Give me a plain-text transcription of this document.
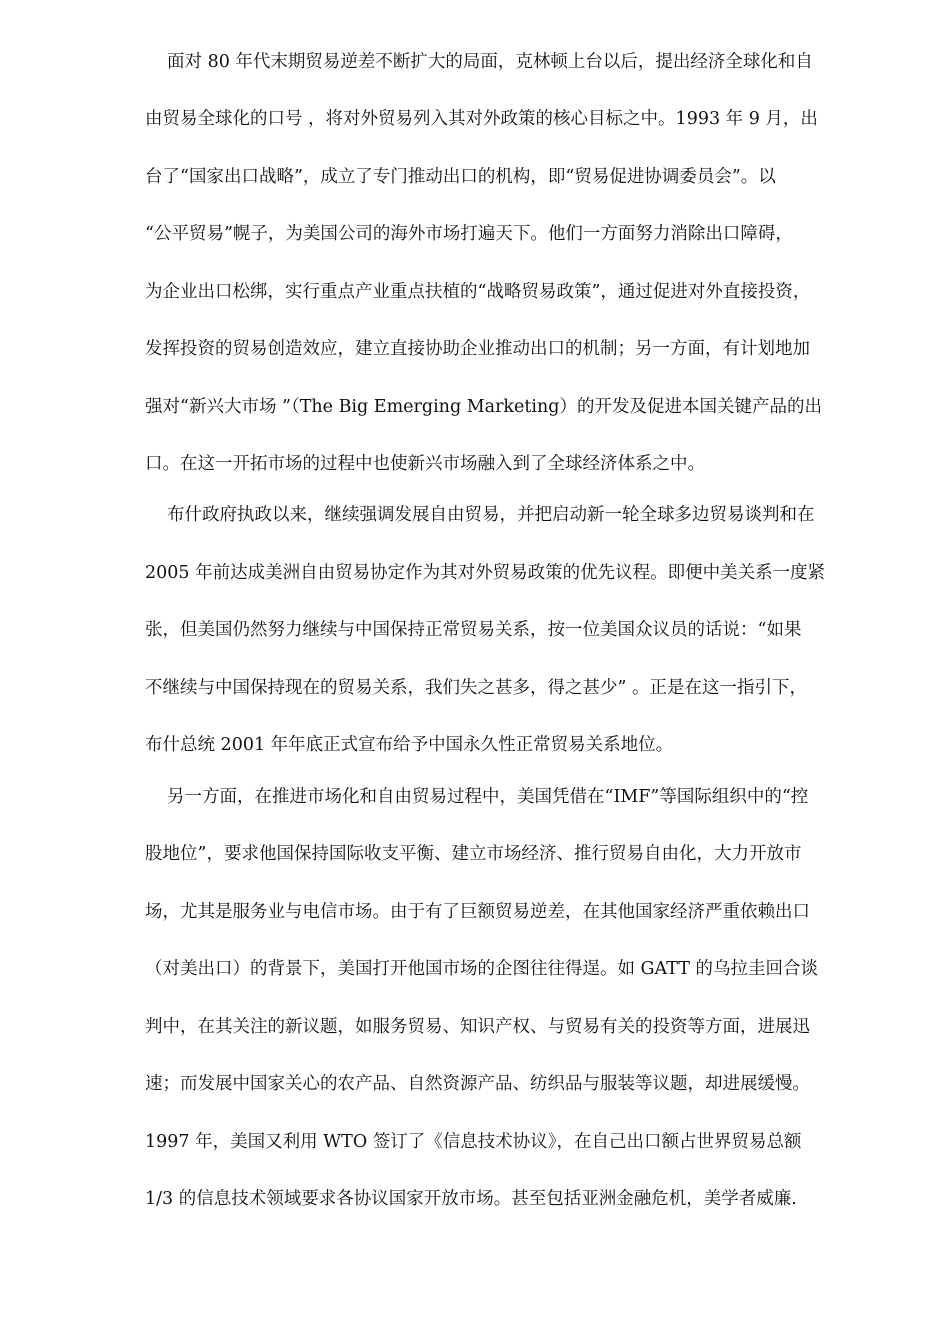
面对 80 年代末期贸易逆差不断扩大的局面，克林顿上台以后，提出经济全球化和自
由贸易全球化的口号 ，将对外贸易列入其对外政策的核心目标之中。1993 年 9 月，出
台了“国家出口战略”，成立了专门推动出口的机构，即“贸易促进协调委员会”。以
“公平贸易”幌子，为美国公司的海外市场打遍天下。他们一方面努力消除出口障碍，
为企业出口松绑，实行重点产业重点扶植的“战略贸易政策”，通过促进对外直接投资，
发挥投资的贸易创造效应，建立直接协助企业推动出口的机制；另一方面，有计划地加
强对“新兴大市场 ”（The Big Emerging Marketing）的开发及促进本国关键产品的出
口。在这一开拓市场的过程中也使新兴市场融入到了全球经济体系之中。
布什政府执政以来，继续强调发展自由贸易，并把启动新一轮全球多边贸易谈判和在
2005 年前达成美洲自由贸易协定作为其对外贸易政策的优先议程。即便中美关系一度紧
张，但美国仍然努力继续与中国保持正常贸易关系，按一位美国众议员的话说：“如果
不继续与中国保持现在的贸易关系，我们失之甚多，得之甚少” 。正是在这一指引下，
布什总统 2001 年年底正式宣布给予中国永久性正常贸易关系地位。
另一方面，在推进市场化和自由贸易过程中，美国凭借在“IMF”等国际组织中的“控
股地位”，要求他国保持国际收支平衡、建立市场经济、推行贸易自由化，大力开放市
场，尤其是服务业与电信市场。由于有了巨额贸易逆差，在其他国家经济严重依赖出口
（对美出口）的背景下，美国打开他国市场的企图往往得逞。如 GATT 的乌拉圭回合谈
判中，在其关注的新议题，如服务贸易、知识产权、与贸易有关的投资等方面，进展迅
速；而发展中国家关心的农产品、自然资源产品、纺织品与服装等议题，却进展缓慢。
1997 年，美国又利用 WTO 签订了《信息技术协议》，在自己出口额占世界贸易总额
1/3 的信息技术领域要求各协议国家开放市场。甚至包括亚洲金融危机，美学者威廉.
